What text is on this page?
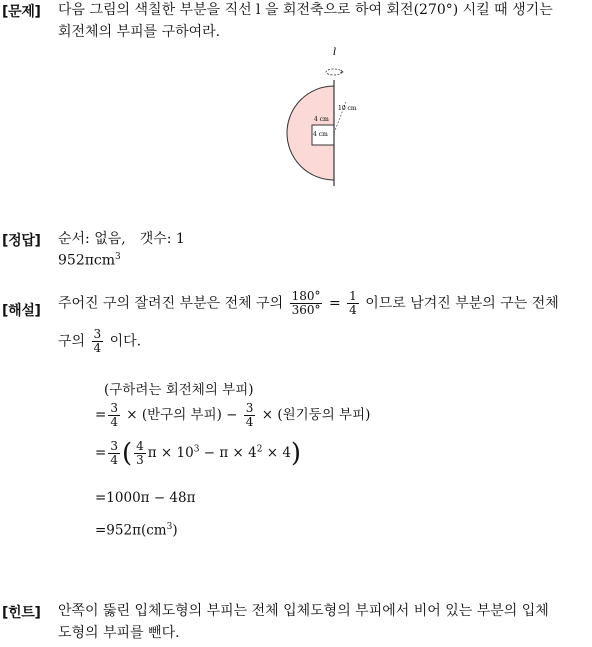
[문제] 다음 그림의 색칠한 부분을 직선 l 을 회전축으로 하여 회전(270°) 시킬 때 생기는
회전체의 부피를 구하여라.
l
10 cm
4 cm
4 cm
[정답] 순서: 없음,　갯수: 1
952πcm$^3$
[해설] 주어진 구의 잘려진 부분은 전체 구의 $\frac{180^\circ}{360^\circ} = \frac{1}{4}$ 이므로 남겨진 부분의 구는 전체
구의 $\frac{3}{4}$ 이다.
(구하려는 회전체의 부피)
= $\frac{3}{4}$ × (반구의 부피) − $\frac{3}{4}$ × (원기둥의 부피)
= $\frac{3}{4}$ ( $\frac{4}{3}$ $\pi \times 10^3 - \pi \times 4^2 \times 4$)
=1000π − 48π
$=952\pi(cm^3)$
[힌트] 안쪽이 뚫린 입체도형의 부피는 전체 입체도형의 부피에서 비어 있는 부분의 입체
도형의 부피를 뺀다.
